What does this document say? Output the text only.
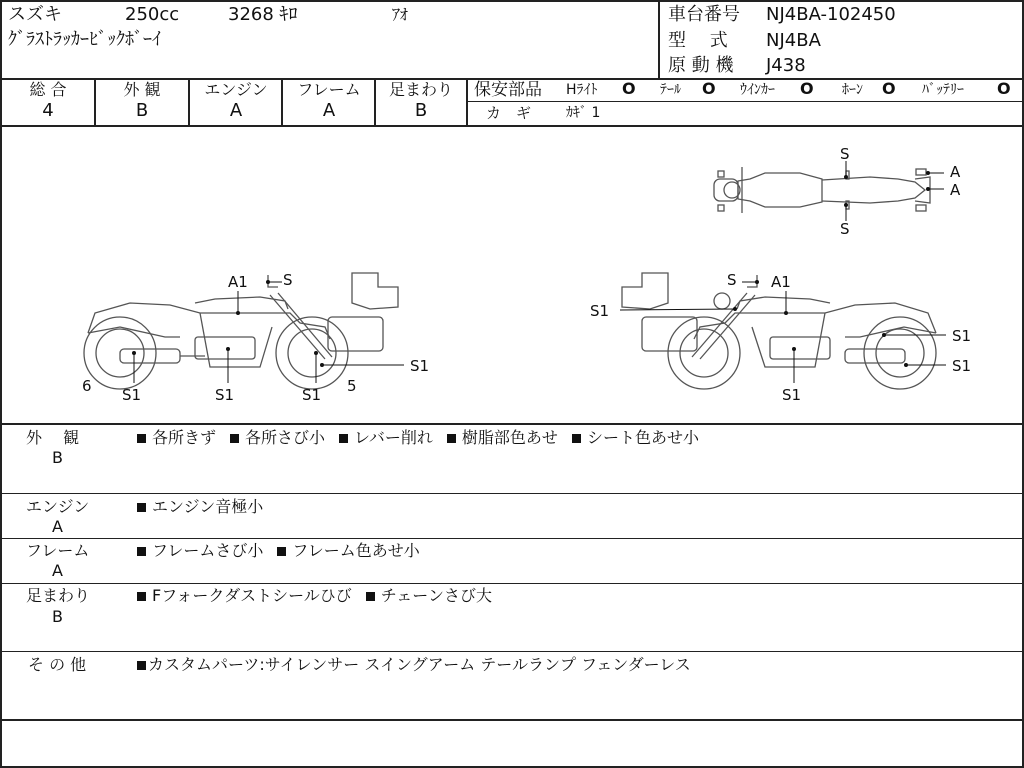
スズキ	250cc	3268 ｷﾛ	ｱｵ
ｸﾞﾗｽﾄﾗｯｶｰﾋﾞｯｸﾎﾞｰｲ
車台番号 NJ4BA-102450
型　 式 NJ4BA
原 動 機 J438
総 合
4
外 観
B
エンジン
A
フレーム
A
足まわり
B
保安部品 Hﾗｲﾄ O ﾃｰﾙ O ｳｲﾝｶｰ O ﾎｰﾝ O ﾊﾞｯﾃﾘｰ O
カ　ギ ｶｷﾞ 1
S
A
A
S
A1 S
6 S1	S1	S1 5
S1
S A1
S1
S1
S1
S1
外　 観
B
各所きず 各所さび小 レバー削れ 樹脂部色あせ シート色あせ小
エンジン
A
エンジン音極小
フレーム
A
フレームさび小 フレーム色あせ小
足まわり
B
Fフォークダストシールひび チェーンさび大
そ の 他	カスタムパーツ:サイレンサー スイングアーム テールランプ フェンダーレス
